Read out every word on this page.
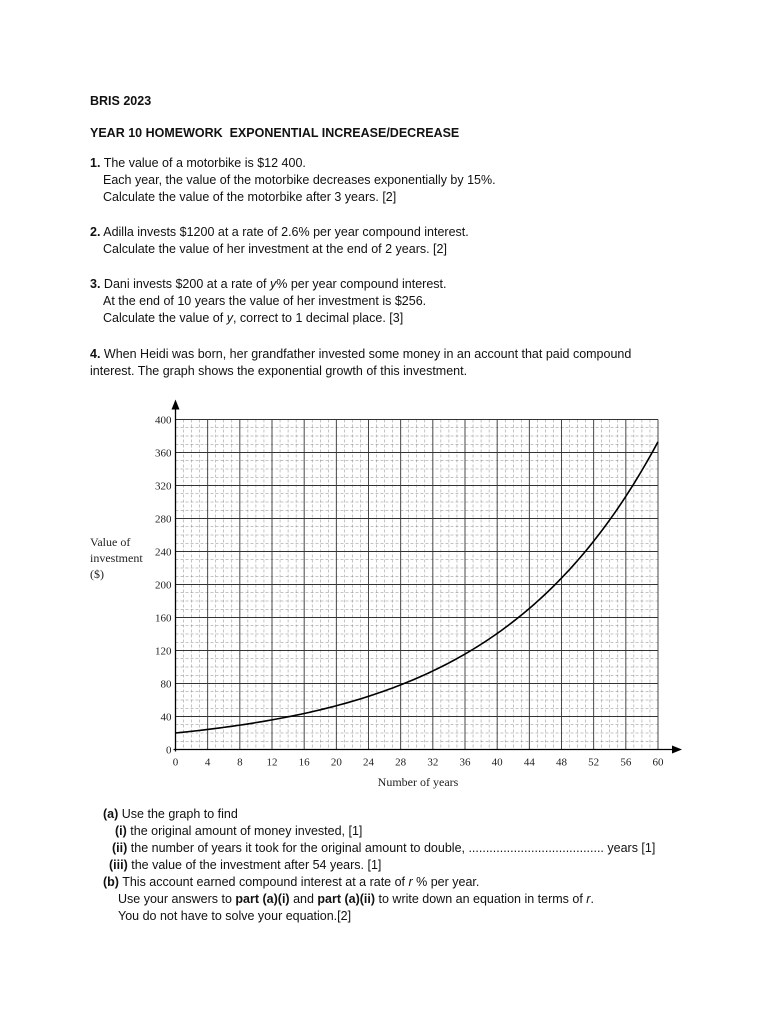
BRIS 2023
YEAR 10 HOMEWORK  EXPONENTIAL INCREASE/DECREASE
1. The value of a motorbike is $12 400.
Each year, the value of the motorbike decreases exponentially by 15%.
Calculate the value of the motorbike after 3 years. [2]
2. Adilla invests $1200 at a rate of 2.6% per year compound interest.
Calculate the value of her investment at the end of 2 years. [2]
3. Dani invests $200 at a rate of y% per year compound interest.
At the end of 10 years the value of her investment is $256.
Calculate the value of y, correct to 1 decimal place. [3]
4. When Heidi was born, her grandfather invested some money in an account that paid compound
interest. The graph shows the exponential growth of this investment.
0 4 8 12 16 20 24 28 32 36 40 44 48 52 56 60
0
40
80
120
160
200
240
280
320
360
400
Number of years
Value of
investment
($)
(a) Use the graph to find
(i) the original amount of money invested, [1]
(ii) the number of years it took for the original amount to double, ....................................... years [1]
(iii) the value of the investment after 54 years. [1]
(b) This account earned compound interest at a rate of r % per year.
Use your answers to part (a)(i) and part (a)(ii) to write down an equation in terms of r.
You do not have to solve your equation.[2]
